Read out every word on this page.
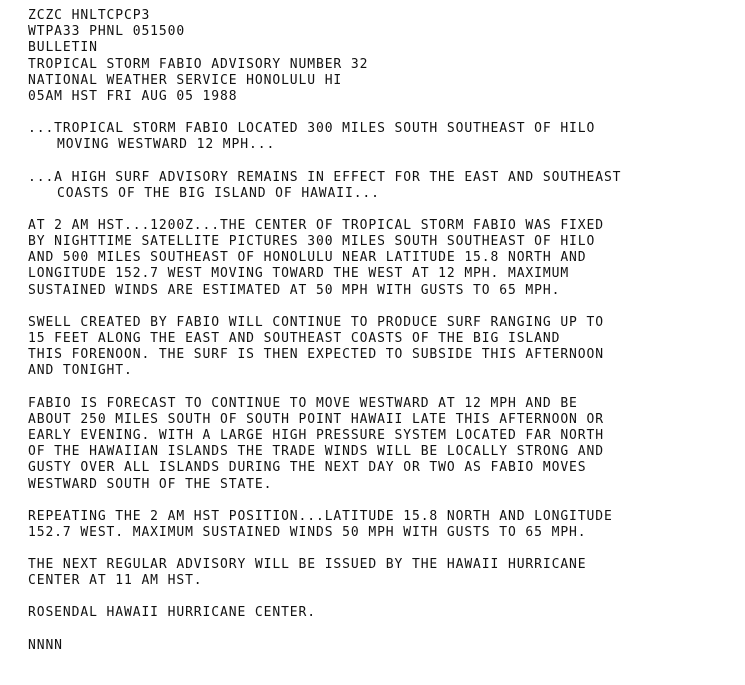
ZCZC HNLTCPCP3
WTPA33 PHNL 051500
BULLETIN
TROPICAL STORM FABIO ADVISORY NUMBER 32
NATIONAL WEATHER SERVICE HONOLULU HI
05AM HST FRI AUG 05 1988
...TROPICAL STORM FABIO LOCATED 300 MILES SOUTH SOUTHEAST OF HILO
MOVING WESTWARD 12 MPH...
...A HIGH SURF ADVISORY REMAINS IN EFFECT FOR THE EAST AND SOUTHEAST
COASTS OF THE BIG ISLAND OF HAWAII...
AT 2 AM HST...1200Z...THE CENTER OF TROPICAL STORM FABIO WAS FIXED
BY NIGHTTIME SATELLITE PICTURES 300 MILES SOUTH SOUTHEAST OF HILO
AND 500 MILES SOUTHEAST OF HONOLULU NEAR LATITUDE 15.8 NORTH AND
LONGITUDE 152.7 WEST MOVING TOWARD THE WEST AT 12 MPH. MAXIMUM
SUSTAINED WINDS ARE ESTIMATED AT 50 MPH WITH GUSTS TO 65 MPH.
SWELL CREATED BY FABIO WILL CONTINUE TO PRODUCE SURF RANGING UP TO
15 FEET ALONG THE EAST AND SOUTHEAST COASTS OF THE BIG ISLAND
THIS FORENOON. THE SURF IS THEN EXPECTED TO SUBSIDE THIS AFTERNOON
AND TONIGHT.
FABIO IS FORECAST TO CONTINUE TO MOVE WESTWARD AT 12 MPH AND BE
ABOUT 250 MILES SOUTH OF SOUTH POINT HAWAII LATE THIS AFTERNOON OR
EARLY EVENING. WITH A LARGE HIGH PRESSURE SYSTEM LOCATED FAR NORTH
OF THE HAWAIIAN ISLANDS THE TRADE WINDS WILL BE LOCALLY STRONG AND
GUSTY OVER ALL ISLANDS DURING THE NEXT DAY OR TWO AS FABIO MOVES
WESTWARD SOUTH OF THE STATE.
REPEATING THE 2 AM HST POSITION...LATITUDE 15.8 NORTH AND LONGITUDE
152.7 WEST. MAXIMUM SUSTAINED WINDS 50 MPH WITH GUSTS TO 65 MPH.
THE NEXT REGULAR ADVISORY WILL BE ISSUED BY THE HAWAII HURRICANE
CENTER AT 11 AM HST.
ROSENDAL HAWAII HURRICANE CENTER.
NNNN
